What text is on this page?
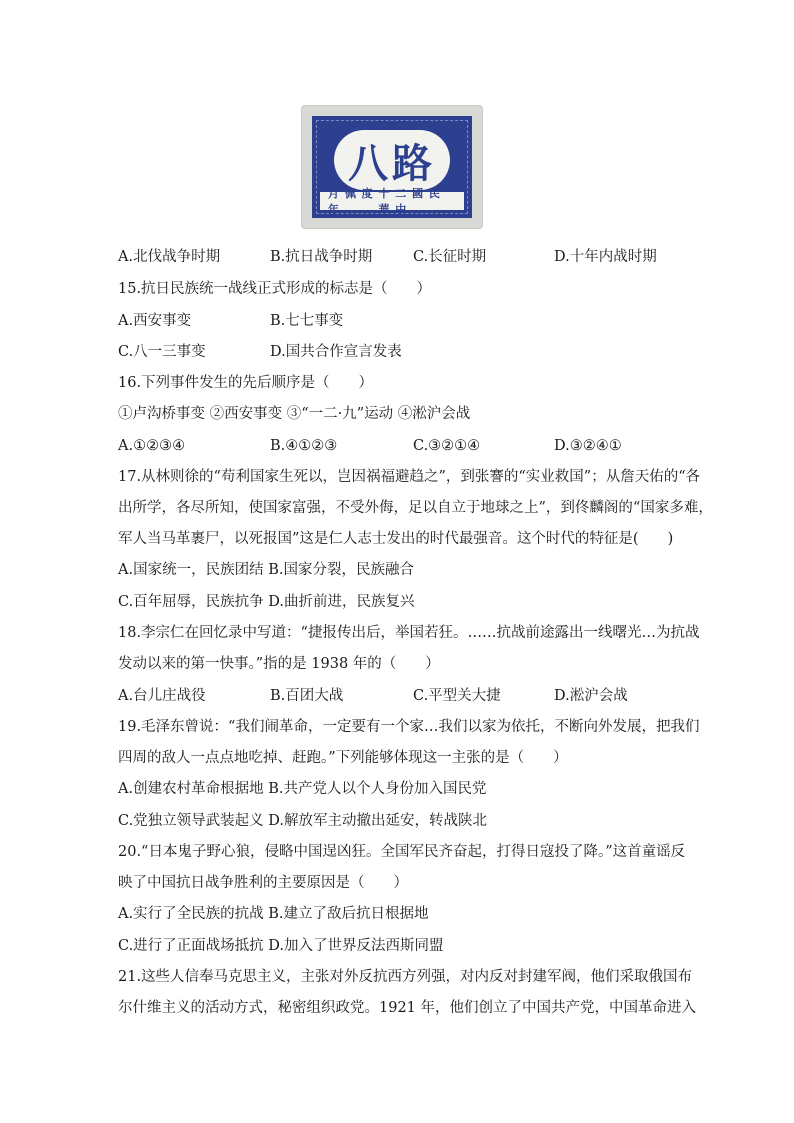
八路
月 佩 度 年
十 二 國 民 華 中
A.北伐战争时期	B.抗日战争时期	C.长征时期	D.十年内战时期
15.抗日民族统一战线正式形成的标志是（　　）
A.西安事变	B.七七事变
C.八一三事变	D.国共合作宣言发表
16.下列事件发生的先后顺序是（　　）
①卢沟桥事变 ②西安事变 ③“一二·九”运动 ④淞沪会战
A.①②③④	B.④①②③	C.③②①④	D.③②④①
17.从林则徐的“苟利国家生死以，岂因祸福避趋之”，到张謇的“实业救国”；从詹天佑的“各
出所学，各尽所知，使国家富强，不受外侮，足以自立于地球之上”，到佟麟阁的“国家多难，
军人当马革裹尸，以死报国”这是仁人志士发出的时代最强音。这个时代的特征是(　　)
A.国家统一，民族团结 B.国家分裂，民族融合
C.百年屈辱，民族抗争 D.曲折前进，民族复兴
18.李宗仁在回忆录中写道：“捷报传出后，举国若狂。……抗战前途露出一线曙光…为抗战
发动以来的第一快事。”指的是 1938 年的（　　）
A.台儿庄战役	B.百团大战	C.平型关大捷	D.淞沪会战
19.毛泽东曾说：“我们闹革命，一定要有一个家…我们以家为依托，不断向外发展，把我们
四周的敌人一点点地吃掉、赶跑。”下列能够体现这一主张的是（　　）
A.创建农村革命根据地 B.共产党人以个人身份加入国民党
C.党独立领导武装起义 D.解放军主动撤出延安，转战陕北
20.“日本鬼子野心狼，侵略中国逞凶狂。全国军民齐奋起，打得日寇投了降。”这首童谣反
映了中国抗日战争胜利的主要原因是（　　）
A.实行了全民族的抗战 B.建立了敌后抗日根据地
C.进行了正面战场抵抗 D.加入了世界反法西斯同盟
21.这些人信奉马克思主义，主张对外反抗西方列强，对内反对封建军阀，他们采取俄国布
尔什维主义的活动方式，秘密组织政党。1921 年，他们创立了中国共产党，中国革命进入
